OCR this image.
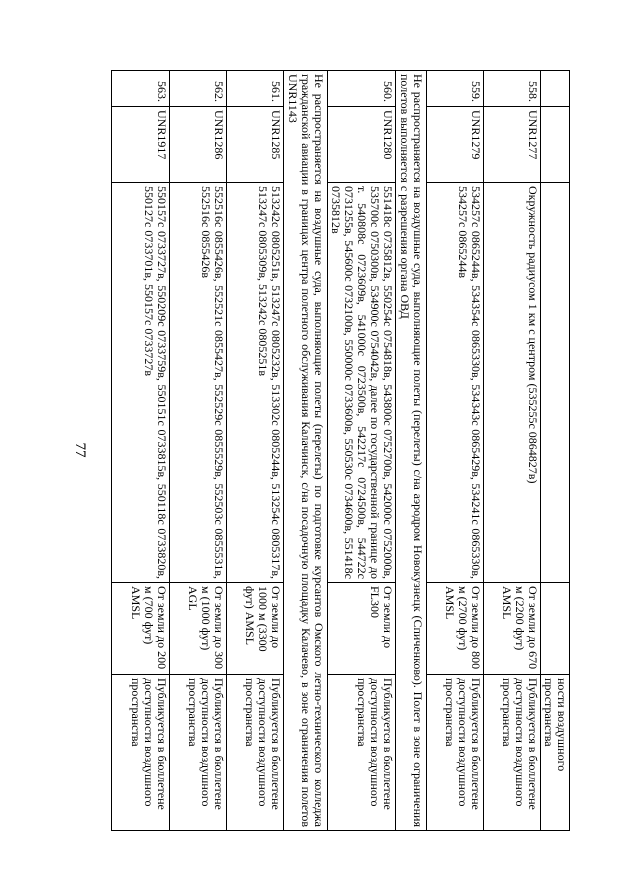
77
				ности воздушного пространства
558.	UNR1277	Окружность радиусом 1 км с центром (535255с 0864827в)	От земли до 670 м (2200 фут) AMSL	Публикуется в бюллетене доступности воздушного пространства
559.	UNR1279	534257с 0865244в, 534354с 0865330в, 534343с 0865429в, 534241с 0865330в, 534257с 0865244в	От земли до 800 м (2700 фут) AMSL	Публикуется в бюллетене доступности воздушного пространства
Не распространяется на воздушные суда, выполняющие полеты (перелеты) с/на аэродром Новокузнецк (Спиченково). Полет в зоне ограничения полетов выполняется с разрешения органа ОВД				
560.	UNR1280	551418с 0735812в, 550254с 0754818в, 543800с 0752700в, 542000с 0752000в, 535700с 0750300в, 534900с 0754042в, далее по государственной границе до т. 540808с 0723609в, 541000с 0723500в, 542217с 0724500в, 544722с 0731255в, 545600с 0732100в, 550000с 0733600в, 550530с 0734600в, 551418с 0735812в	От земли до FL300	Публикуется в бюллетене доступности воздушного пространства
Не распространяется на воздушные суда, выполняющие полеты (перелеты) по подготовке курсантов Омского летно-технического колледжа гражданской авиации в границах центра полетного обслуживания Калачинск, с/на посадочную площадку Калачево, в зоне ограничения полетов UNR1143				
561.	UNR1285	513242с 0805251в, 513247с 0805232в, 513302с 0805244в, 513254с 0805317в, 513247с 0805309в, 513242с 0805251в	От земли до 1000 м (3300 фут) AMSL	Публикуется в бюллетене доступности воздушного пространства
562.	UNR1286	552516с 0855426в, 552521с 0855427в, 552529с 0855529в, 552503с 0855531в, 552516с 0855426в	От земли до 300 м (1000 фут) AGL	Публикуется в бюллетене доступности воздушного пространства
563.	UNR1917	550157с 0733727в, 550209с 0733759в, 550151с 0733815в, 550118с 0733820в, 550127с 0733701в, 550157с 0733727в	От земли до 200 м (700 фут) AMSL	Публикуется в бюллетене доступности воздушного пространства
